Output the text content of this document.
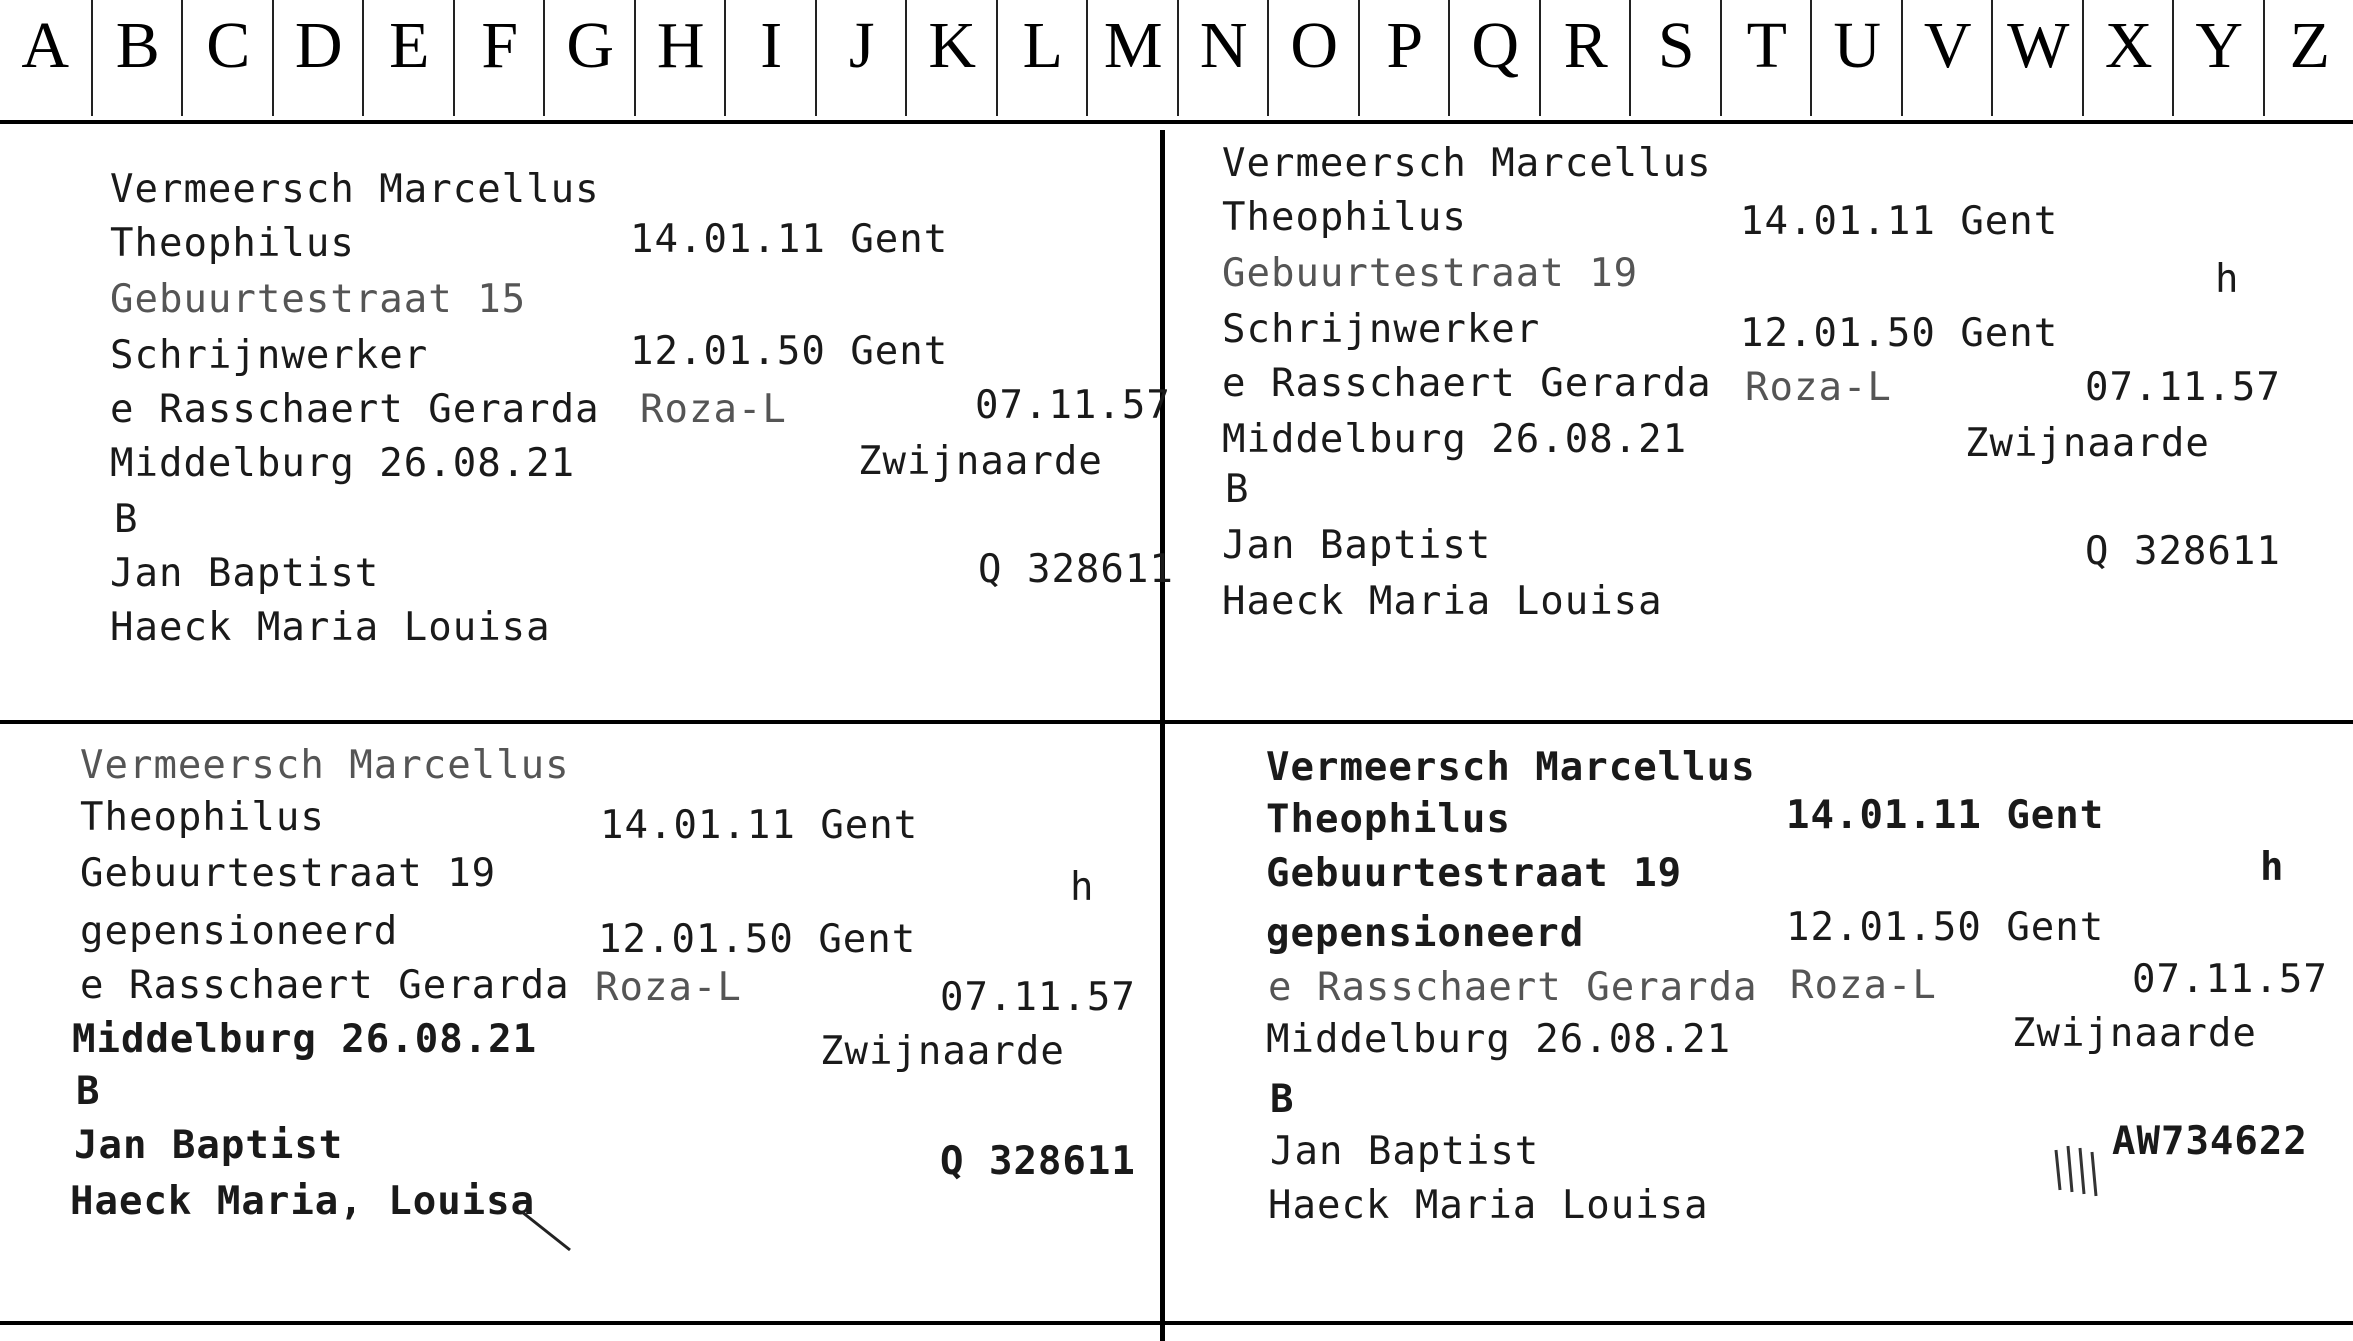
A B C D E F G H I	J K L M N O P Q R S T U V W X Y Z
Vermeersch Marcellus
Theophilus	14.01.11 Gent
Gebuurtestraat 15
Schrijnwerker	12.01.50 Gent
e Rasschaert Gerarda Roza-L	07.11.57
Middelburg 26.08.21	Zwijnaarde
B
Jan Baptist	Q 328611
Haeck Maria Louisa
Vermeersch Marcellus
Theophilus	14.01.11 Gent
Gebuurtestraat 19	h
Schrijnwerker	12.01.50 Gent
e Rasschaert Gerarda Roza-L	07.11.57
Middelburg 26.08.21	Zwijnaarde
B
Jan Baptist	Q 328611
Haeck Maria Louisa
Vermeersch Marcellus
Theophilus	14.01.11 Gent
Gebuurtestraat 19	h
gepensioneerd	12.01.50 Gent
e Rasschaert Gerarda Roza-L	07.11.57
Middelburg 26.08.21	Zwijnaarde
B
Jan Baptist	Q 328611
Haeck Maria, Louisa
Vermeersch Marcellus
Theophilus	14.01.11 Gent
Gebuurtestraat 19	h
gepensioneerd	12.01.50 Gent
e Rasschaert Gerarda Roza-L	07.11.57
Middelburg 26.08.21	Zwijnaarde
B
Jan Baptist	AW734622
Haeck Maria Louisa
